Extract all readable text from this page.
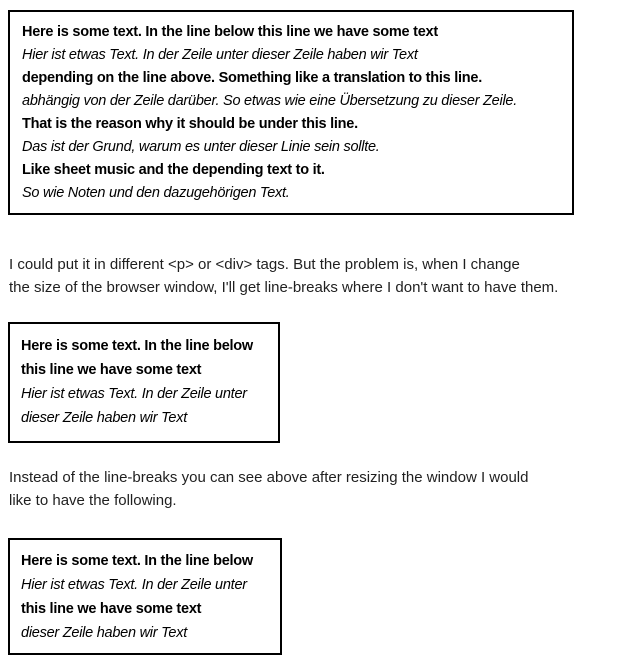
Here is some text. In the line below this line we have some text
Hier ist etwas Text. In der Zeile unter dieser Zeile haben wir Text
depending on the line above. Something like a translation to this line.
abhängig von der Zeile darüber. So etwas wie eine Übersetzung zu dieser Zeile.
That is the reason why it should be under this line.
Das ist der Grund, warum es unter dieser Linie sein sollte.
Like sheet music and the depending text to it.
So wie Noten und den dazugehörigen Text.
I could put it in different <p> or <div> tags. But the problem is, when I change
the size of the browser window, I'll get line-breaks where I don't want to have them.
Here is some text. In the line below
this line we have some text
Hier ist etwas Text. In der Zeile unter
dieser Zeile haben wir Text
Instead of the line-breaks you can see above after resizing the window I would
like to have the following.
Here is some text. In the line below
Hier ist etwas Text. In der Zeile unter
this line we have some text
dieser Zeile haben wir Text
